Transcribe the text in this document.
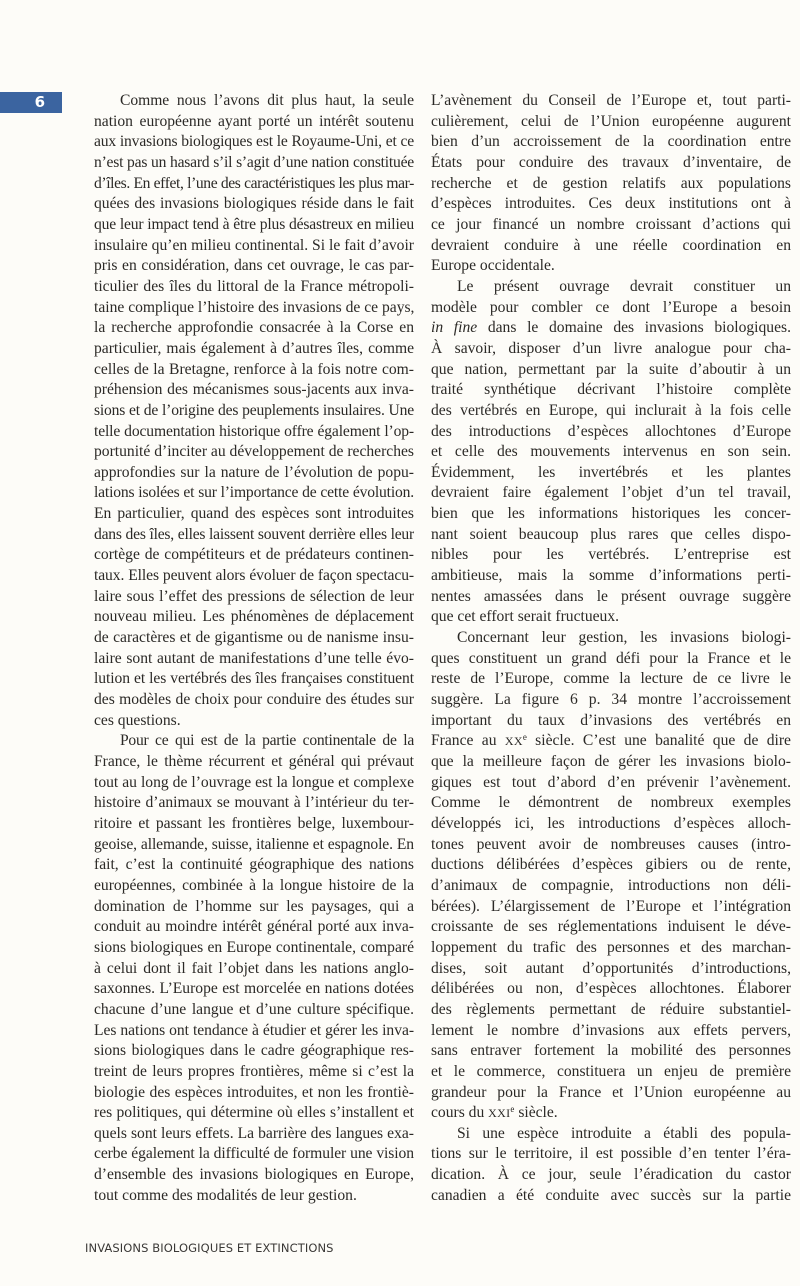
6	Comme nous l’avons dit plus haut, la seule
nation européenne ayant porté un intérêt soutenu
aux invasions biologiques est le Royaume-Uni, et ce
n’est pas un hasard s’il s’agit d’une nation constituée
d’îles. En effet, l’une des caractéristiques les plus mar-
quées des invasions biologiques réside dans le fait
que leur impact tend à être plus désastreux en milieu
insulaire qu’en milieu continental. Si le fait d’avoir
pris en considération, dans cet ouvrage, le cas par-
ticulier des îles du littoral de la France métropoli-
taine complique l’histoire des invasions de ce pays,
la recherche approfondie consacrée à la Corse en
particulier, mais également à d’autres îles, comme
celles de la Bretagne, renforce à la fois notre com-
préhension des mécanismes sous-jacents aux inva-
sions et de l’origine des peuplements insulaires. Une
telle documentation historique offre également l’op-
portunité d’inciter au développement de recherches
approfondies sur la nature de l’évolution de popu-
lations isolées et sur l’importance de cette évolution.
En particulier, quand des espèces sont introduites
dans des îles, elles laissent souvent derrière elles leur
cortège de compétiteurs et de prédateurs continen-
taux. Elles peuvent alors évoluer de façon spectacu-
laire sous l’effet des pressions de sélection de leur
nouveau milieu. Les phénomènes de déplacement
de caractères et de gigantisme ou de nanisme insu-
laire sont autant de manifestations d’une telle évo-
lution et les vertébrés des îles françaises constituent
des modèles de choix pour conduire des études sur
ces questions.
Pour ce qui est de la partie continentale de la
France, le thème récurrent et général qui prévaut
tout au long de l’ouvrage est la longue et complexe
histoire d’animaux se mouvant à l’intérieur du ter-
ritoire et passant les frontières belge, luxembour-
geoise, allemande, suisse, italienne et espagnole. En
fait, c’est la continuité géographique des nations
européennes, combinée à la longue histoire de la
domination de l’homme sur les paysages, qui a
conduit au moindre intérêt général porté aux inva-
sions biologiques en Europe continentale, comparé
à celui dont il fait l’objet dans les nations anglo-
saxonnes. L’Europe est morcelée en nations dotées
chacune d’une langue et d’une culture spécifique.
Les nations ont tendance à étudier et gérer les inva-
sions biologiques dans le cadre géographique res-
treint de leurs propres frontières, même si c’est la
biologie des espèces introduites, et non les frontiè-
res politiques, qui détermine où elles s’installent et
quels sont leurs effets. La barrière des langues exa-
cerbe également la difficulté de formuler une vision
d’ensemble des invasions biologiques en Europe,
tout comme des modalités de leur gestion.
L’avènement du Conseil de l’Europe et, tout parti-
culièrement, celui de l’Union européenne augurent
bien d’un accroissement de la coordination entre
États pour conduire des travaux d’inventaire, de
recherche et de gestion relatifs aux populations
d’espèces introduites. Ces deux institutions ont à
ce jour financé un nombre croissant d’actions qui
devraient conduire à une réelle coordination en
Europe occidentale.
Le présent ouvrage devrait constituer un
modèle pour combler ce dont l’Europe a besoin
in fine dans le domaine des invasions biologiques.
À savoir, disposer d’un livre analogue pour cha-
que nation, permettant par la suite d’aboutir à un
traité synthétique décrivant l’histoire complète
des vertébrés en Europe, qui inclurait à la fois celle
des introductions d’espèces allochtones d’Europe
et celle des mouvements intervenus en son sein.
Évidemment, les invertébrés et les plantes
devraient faire également l’objet d’un tel travail,
bien que les informations historiques les concer-
nant soient beaucoup plus rares que celles dispo-
nibles pour les vertébrés. L’entreprise est
ambitieuse, mais la somme d’informations perti-
nentes amassées dans le présent ouvrage suggère
que cet effort serait fructueux.
Concernant leur gestion, les invasions biologi-
ques constituent un grand défi pour la France et le
reste de l’Europe, comme la lecture de ce livre le
suggère. La figure 6 p. 34 montre l’accroissement
important du taux d’invasions des vertébrés en
France au XXe siècle. C’est une banalité que de dire
que la meilleure façon de gérer les invasions biolo-
giques est tout d’abord d’en prévenir l’avènement.
Comme le démontrent de nombreux exemples
développés ici, les introductions d’espèces alloch-
tones peuvent avoir de nombreuses causes (intro-
ductions délibérées d’espèces gibiers ou de rente,
d’animaux de compagnie, introductions non déli-
bérées). L’élargissement de l’Europe et l’intégration
croissante de ses réglementations induisent le déve-
loppement du trafic des personnes et des marchan-
dises, soit autant d’opportunités d’introductions,
délibérées ou non, d’espèces allochtones. Élaborer
des règlements permettant de réduire substantiel-
lement le nombre d’invasions aux effets pervers,
sans entraver fortement la mobilité des personnes
et le commerce, constituera un enjeu de première
grandeur pour la France et l’Union européenne au
cours du XXIe siècle.
Si une espèce introduite a établi des popula-
tions sur le territoire, il est possible d’en tenter l’éra-
dication. À ce jour, seule l’éradication du castor
canadien a été conduite avec succès sur la partie
INVASIONS BIOLOGIQUES ET EXTINCTIONS
